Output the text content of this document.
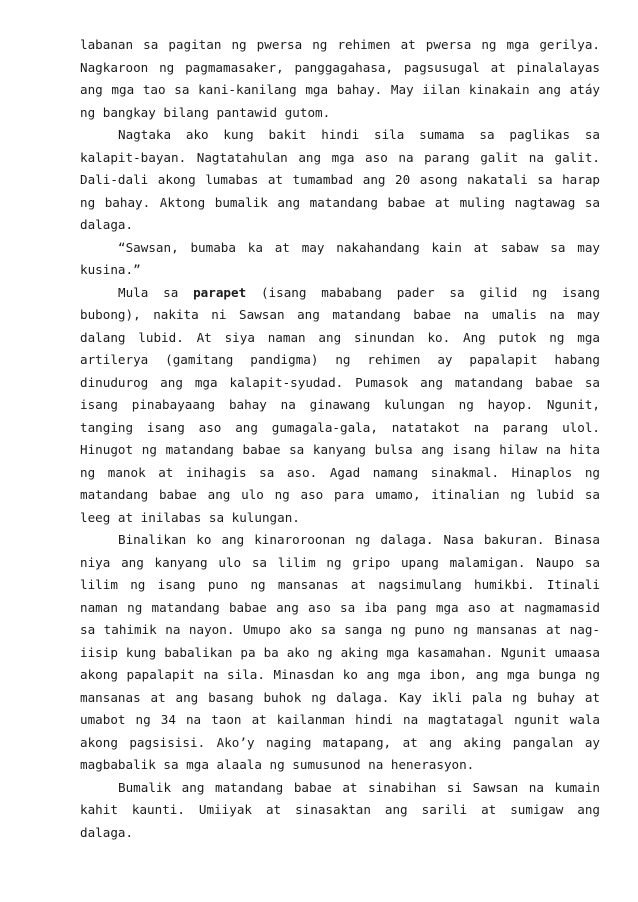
labanan sa pagitan ng pwersa ng rehimen at pwersa ng mga gerilya. Nagkaroon ng pagmamasaker, panggagahasa, pagsusugal at pinalalayas ang mga tao sa kani-kanilang mga bahay. May iilan kinakain ang atáy ng bangkay bilang pantawid gutom.

Nagtaka ako kung bakit hindi sila sumama sa paglikas sa kalapit-bayan. Nagtatahulan ang mga aso na parang galit na galit. Dali-dali akong lumabas at tumambad ang 20 asong nakatali sa harap ng bahay. Aktong bumalik ang matandang babae at muling nagtawag sa dalaga.

“Sawsan, bumaba ka at may nakahandang kain at sabaw sa may kusina.”

Mula sa parapet (isang mababang pader sa gilid ng isang bubong), nakita ni Sawsan ang matandang babae na umalis na may dalang lubid. At siya naman ang sinundan ko. Ang putok ng mga artilerya (gamitang pandigma) ng rehimen ay papalapit habang dinudurog ang mga kalapit-syudad. Pumasok ang matandang babae sa isang pinabayaang bahay na ginawang kulungan ng hayop. Ngunit, tanging isang aso ang gumagala-gala, natatakot na parang ulol. Hinugot ng matandang babae sa kanyang bulsa ang isang hilaw na hita ng manok at inihagis sa aso. Agad namang sinakmal. Hinaplos ng matandang babae ang ulo ng aso para umamo, itinalian ng lubid sa leeg at inilabas sa kulungan.

Binalikan ko ang kinaroroonan ng dalaga. Nasa bakuran. Binasa niya ang kanyang ulo sa lilim ng gripo upang malamigan. Naupo sa lilim ng isang puno ng mansanas at nagsimulang humikbi. Itinali naman ng matandang babae ang aso sa iba pang mga aso at nagmamasid sa tahimik na nayon. Umupo ako sa sanga ng puno ng mansanas at nag-iisip kung babalikan pa ba ako ng aking mga kasamahan. Ngunit umaasa akong papalapit na sila. Minasdan ko ang mga ibon, ang mga bunga ng mansanas at ang basang buhok ng dalaga. Kay ikli pala ng buhay at umabot ng 34 na taon at kailanman hindi na magtatagal ngunit wala akong pagsisisi. Ako’y naging matapang, at ang aking pangalan ay magbabalik sa mga alaala ng sumusunod na henerasyon.

Bumalik ang matandang babae at sinabihan si Sawsan na kumain kahit kaunti. Umiiyak at sinasaktan ang sarili at sumigaw ang dalaga.
